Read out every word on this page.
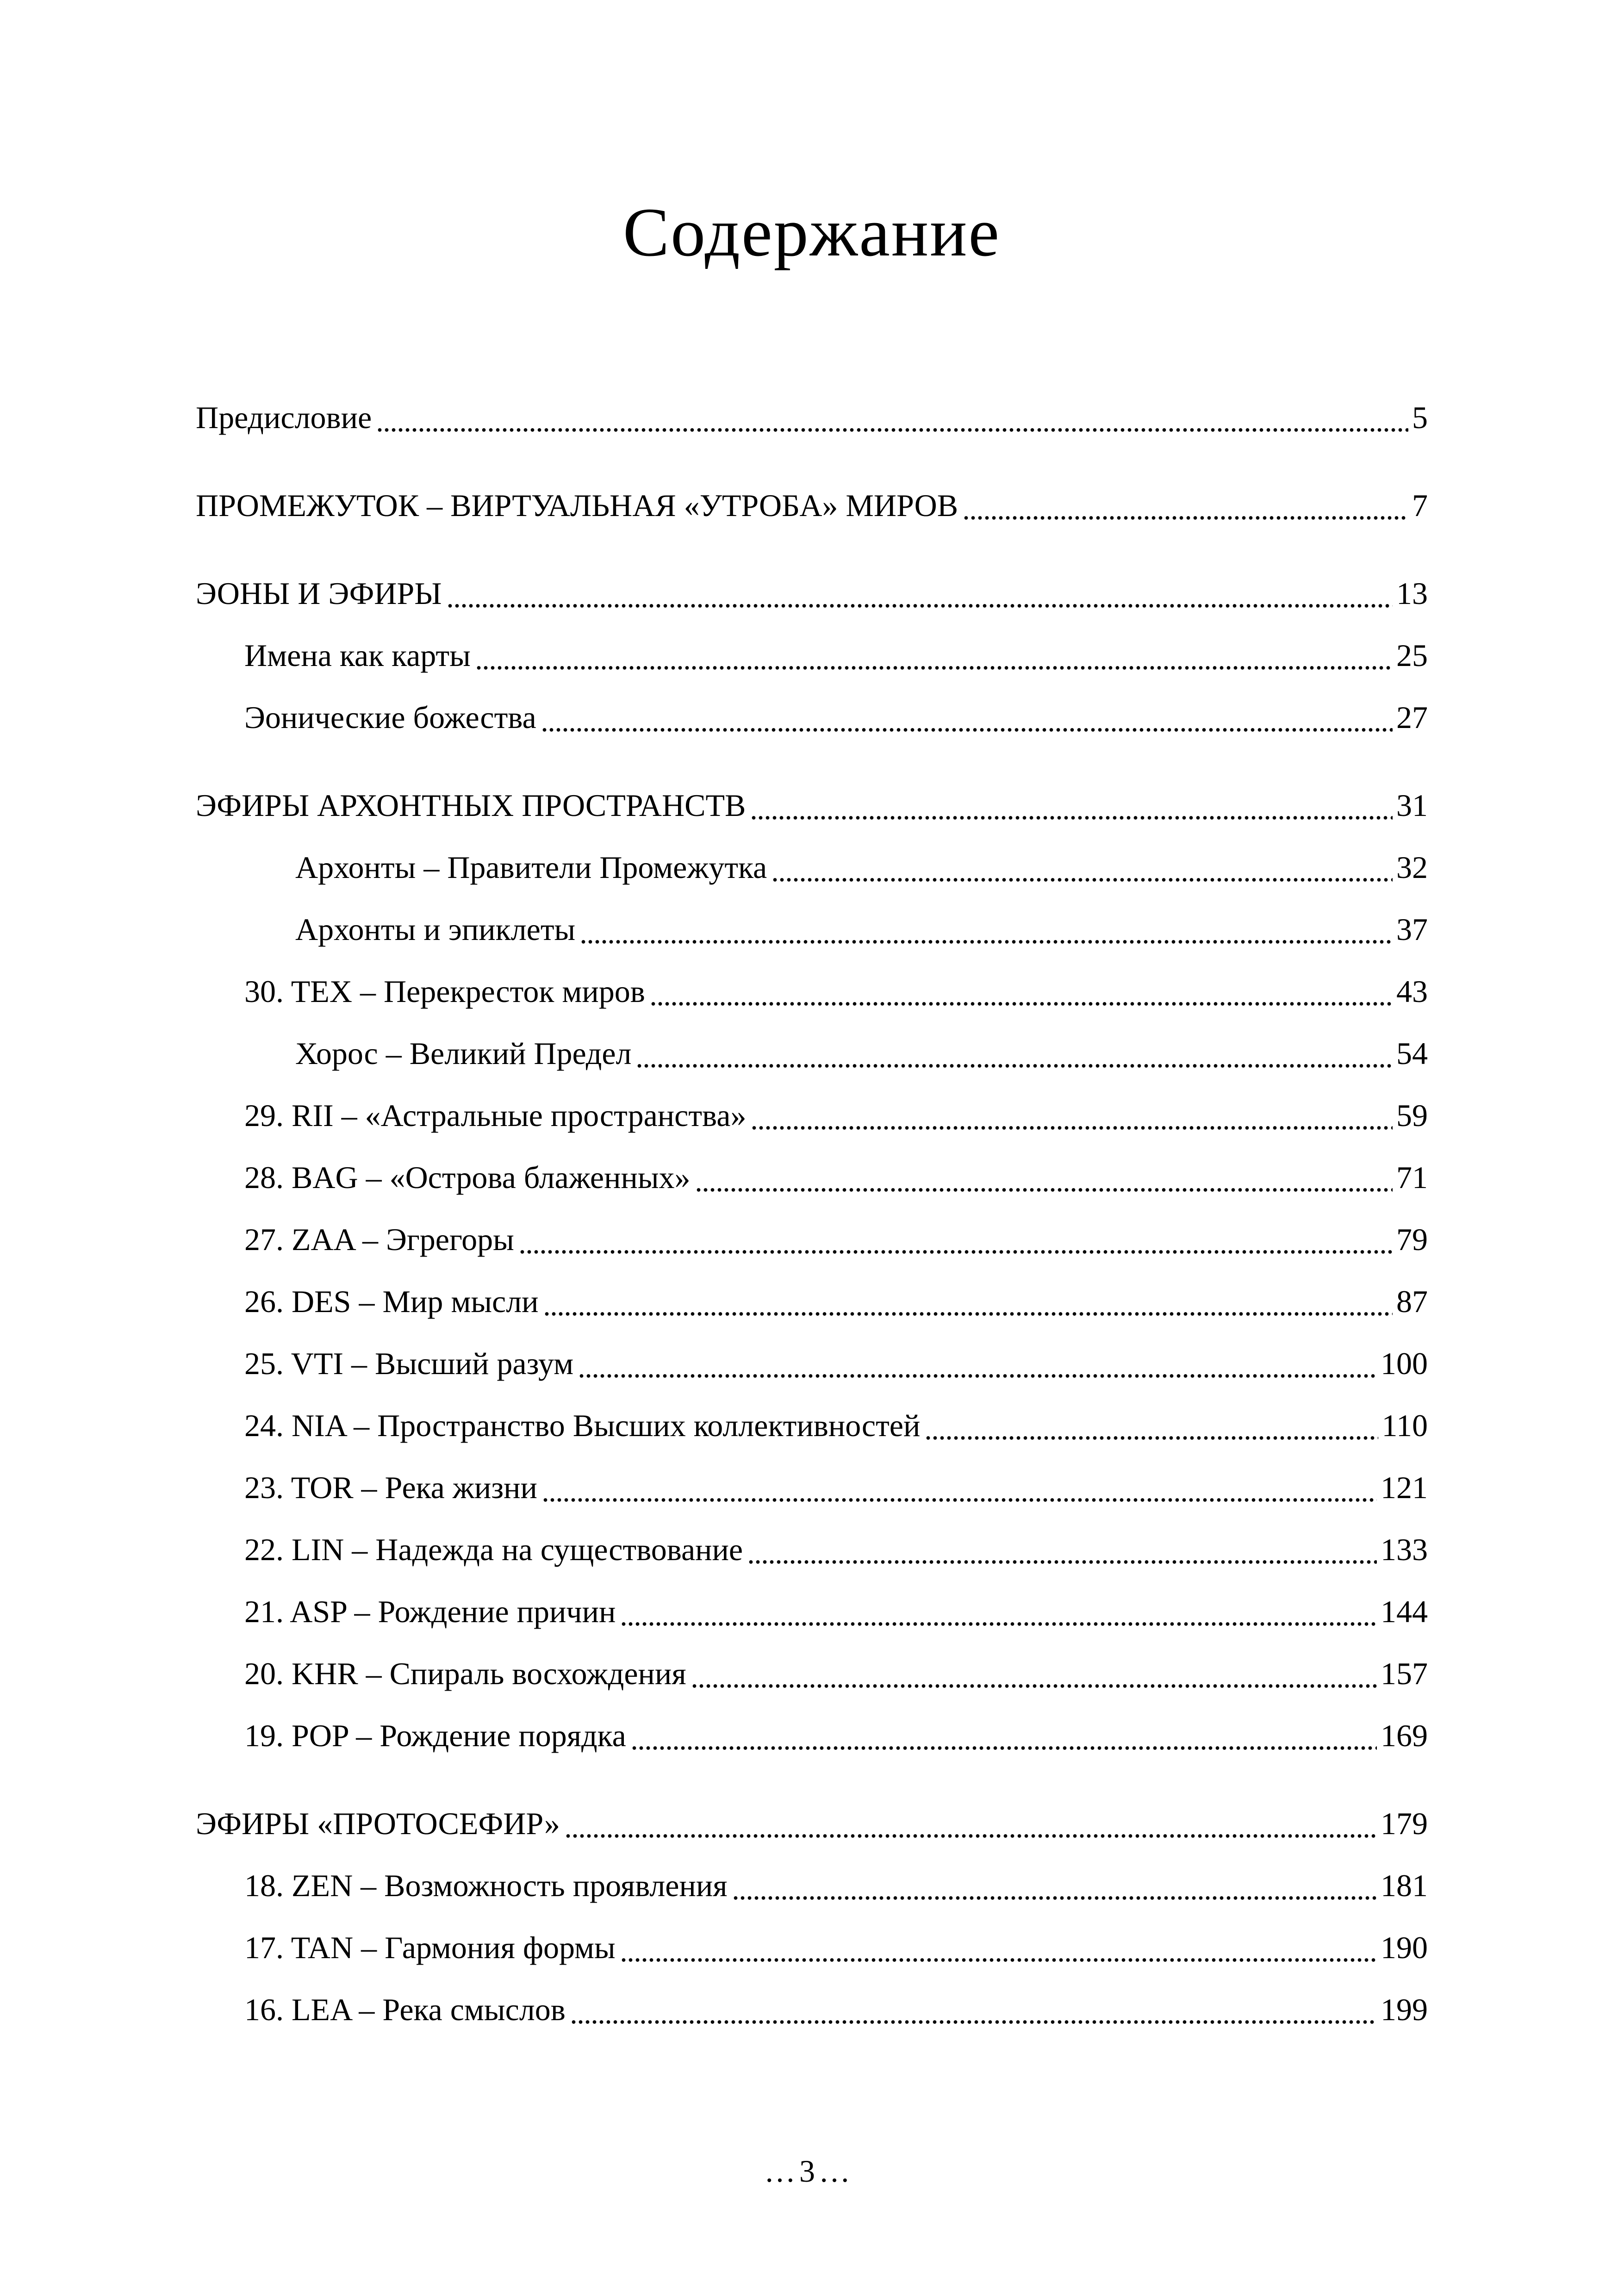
Содержание
Предисловие	5
ПРОМЕЖУТОК – ВИРТУАЛЬНАЯ «УТРОБА» МИРОВ	7
ЭОНЫ И ЭФИРЫ	13
Имена как карты	25
Эонические божества	27
ЭФИРЫ АРХОНТНЫХ ПРОСТРАНСТВ	31
Архонты – Правители Промежутка	32
Архонты и эпиклеты	37
30. TEX – Перекресток миров	43
Хорос – Великий Предел	54
29. RII – «Астральные пространства»	59
28. BAG – «Острова блаженных»	71
27. ZAA – Эгрегоры	79
26. DES – Мир мысли	87
25. VTI – Высший разум	100
24. NIA – Пространство Высших коллективностей	110
23. TOR – Река жизни	121
22. LIN – Надежда на существование	133
21. ASP – Рождение причин	144
20. KHR – Спираль восхождения	157
19. POP – Рождение порядка	169
ЭФИРЫ «ПРОТОСЕФИР»	179
18. ZEN – Возможность проявления	181
17. TAN – Гармония формы	190
16. LEA – Река смыслов	199
…3…
